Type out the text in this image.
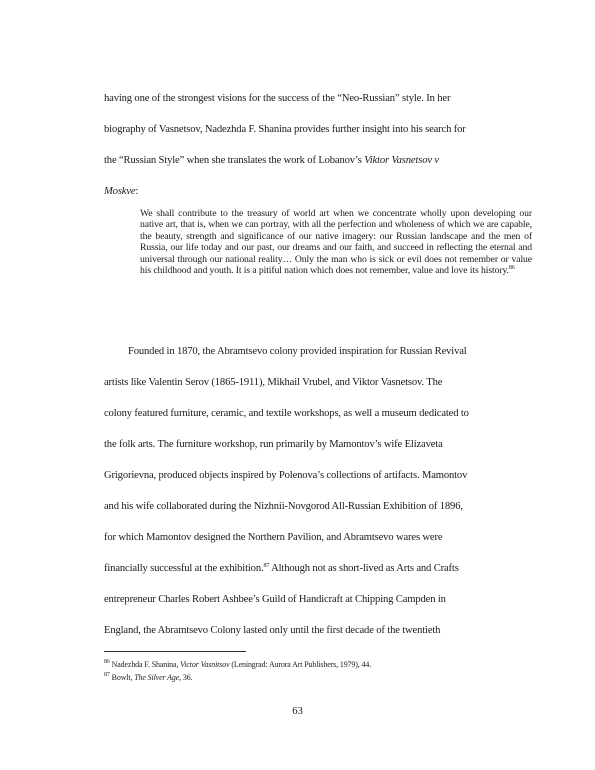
having one of the strongest visions for the success of the “Neo-Russian” style. In her
biography of Vasnetsov, Nadezhda F. Shanina provides further insight into his search for
the “Russian Style” when she translates the work of Lobanov’s Viktor Vasnetsov v
Moskve:
We shall contribute to the treasury of world art when we concentrate wholly upon developing our native art, that is, when we can portray, with all the perfection and wholeness of which we are capable, the beauty, strength and significance of our native imagery: our Russian landscape and the men of Russia, our life today and our past, our dreams and our faith, and succeed in reflecting the eternal and universal through our national reality… Only the man who is sick or evil does not remember or value his childhood and youth. It is a pitiful nation which does not remember, value and love its history.$^{86}$
Founded in 1870, the Abramtsevo colony provided inspiration for Russian Revival
artists like Valentin Serov (1865-1911), Mikhail Vrubel, and Viktor Vasnetsov. The
colony featured furniture, ceramic, and textile workshops, as well a museum dedicated to
the folk arts. The furniture workshop, run primarily by Mamontov’s wife Elizaveta
Grigorievna, produced objects inspired by Polenova’s collections of artifacts. Mamontov
and his wife collaborated during the Nizhnii-Novgorod All-Russian Exhibition of 1896,
for which Mamontov designed the Northern Pavilion, and Abramtsevo wares were
financially successful at the exhibition.$^{87}$ Although not as short-lived as Arts and Crafts
entrepreneur Charles Robert Ashbee’s Guild of Handicraft at Chipping Campden in
England, the Abramtsevo Colony lasted only until the first decade of the twentieth
$^{86}$ Nadezhda F. Shanina, Victor Vasnitsov (Leningrad: Aurora Art Publishers, 1979), 44.
$^{87}$ Bowlt, The Silver Age, 36.
63
